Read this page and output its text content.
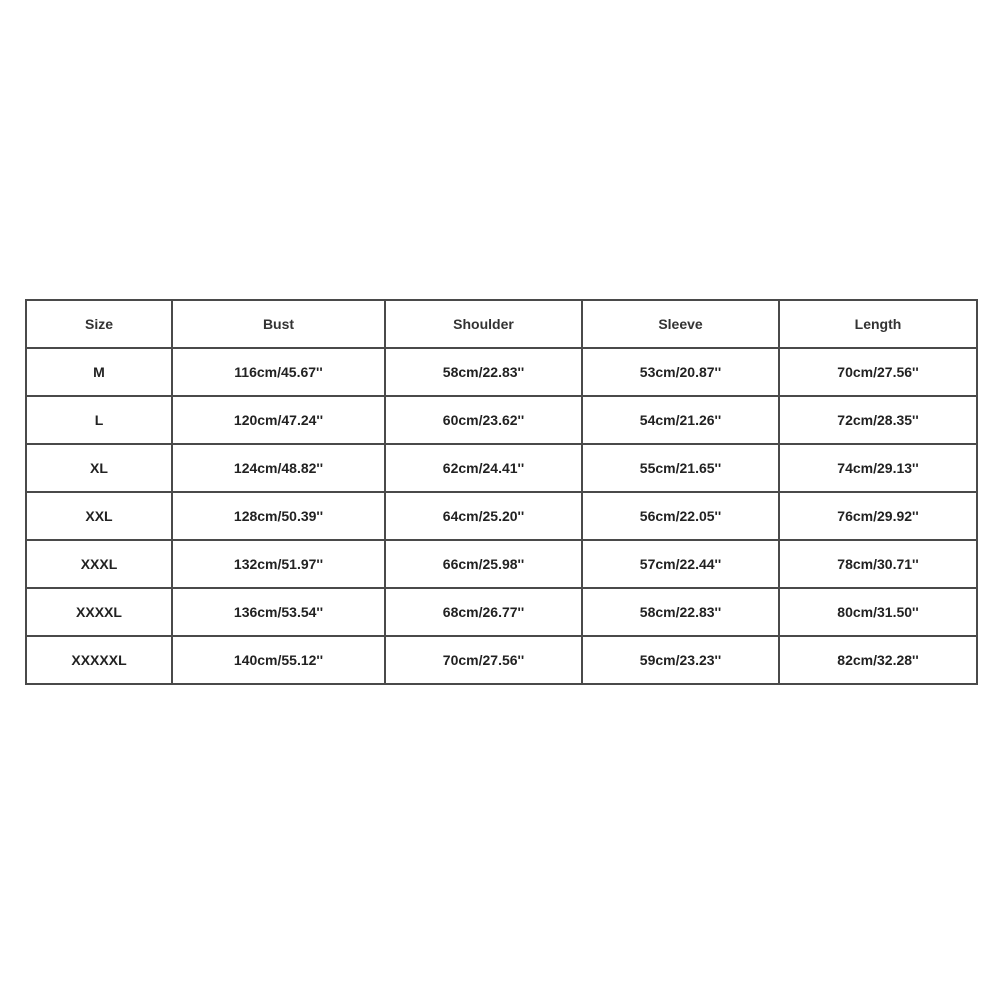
Size	Bust	Shoulder	Sleeve	Length
M	116cm/45.67''	58cm/22.83''	53cm/20.87''	70cm/27.56''
L	120cm/47.24''	60cm/23.62''	54cm/21.26''	72cm/28.35''
XL	124cm/48.82''	62cm/24.41''	55cm/21.65''	74cm/29.13''
XXL	128cm/50.39''	64cm/25.20''	56cm/22.05''	76cm/29.92''
XXXL	132cm/51.97''	66cm/25.98''	57cm/22.44''	78cm/30.71''
XXXXL	136cm/53.54''	68cm/26.77''	58cm/22.83''	80cm/31.50''
XXXXXL	140cm/55.12''	70cm/27.56''	59cm/23.23''	82cm/32.28''
